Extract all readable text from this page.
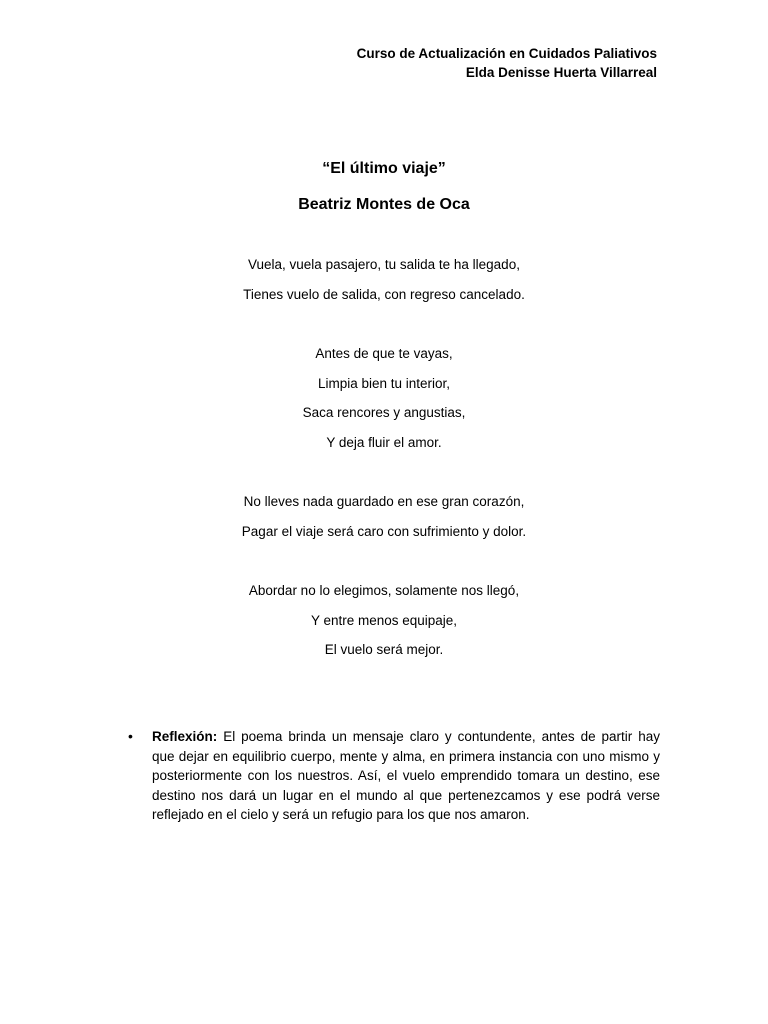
Curso de Actualización en Cuidados Paliativos
Elda Denisse Huerta Villarreal
“El último viaje”
Beatriz Montes de Oca
Vuela, vuela pasajero, tu salida te ha llegado,
Tienes vuelo de salida, con regreso cancelado.
Antes de que te vayas,
Limpia bien tu interior,
Saca rencores y angustias,
Y deja fluir el amor.
No lleves nada guardado en ese gran corazón,
Pagar el viaje será caro con sufrimiento y dolor.
Abordar no lo elegimos, solamente nos llegó,
Y entre menos equipaje,
El vuelo será mejor.
• Reflexión: El poema brinda un mensaje claro y contundente, antes de partir hay que dejar en equilibrio cuerpo, mente y alma, en primera instancia con uno mismo y posteriormente con los nuestros. Así, el vuelo emprendido tomara un destino, ese destino nos dará un lugar en el mundo al que pertenezcamos y ese podrá verse reflejado en el cielo y será un refugio para los que nos amaron.
